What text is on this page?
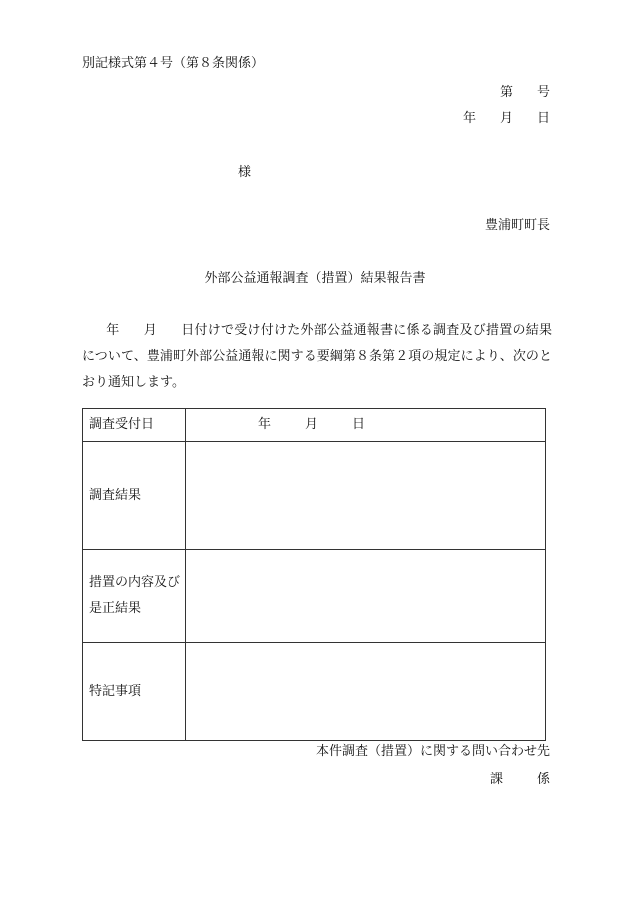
別記様式第４号（第８条関係）
第 号
年 月 日
様
豊浦町町長
外部公益通報調査（措置）結果報告書
年 月 日付けで受け付けた外部公益通報書に係る調査及び措置の結果について、豊浦町外部公益通報に関する要綱第８条第２項の規定により、次のとおり通知します。
調査受付日	年 月 日
調査結果	
措置の内容及び是正結果	
特記事項	
本件調査（措置）に関する問い合わせ先
課	係
